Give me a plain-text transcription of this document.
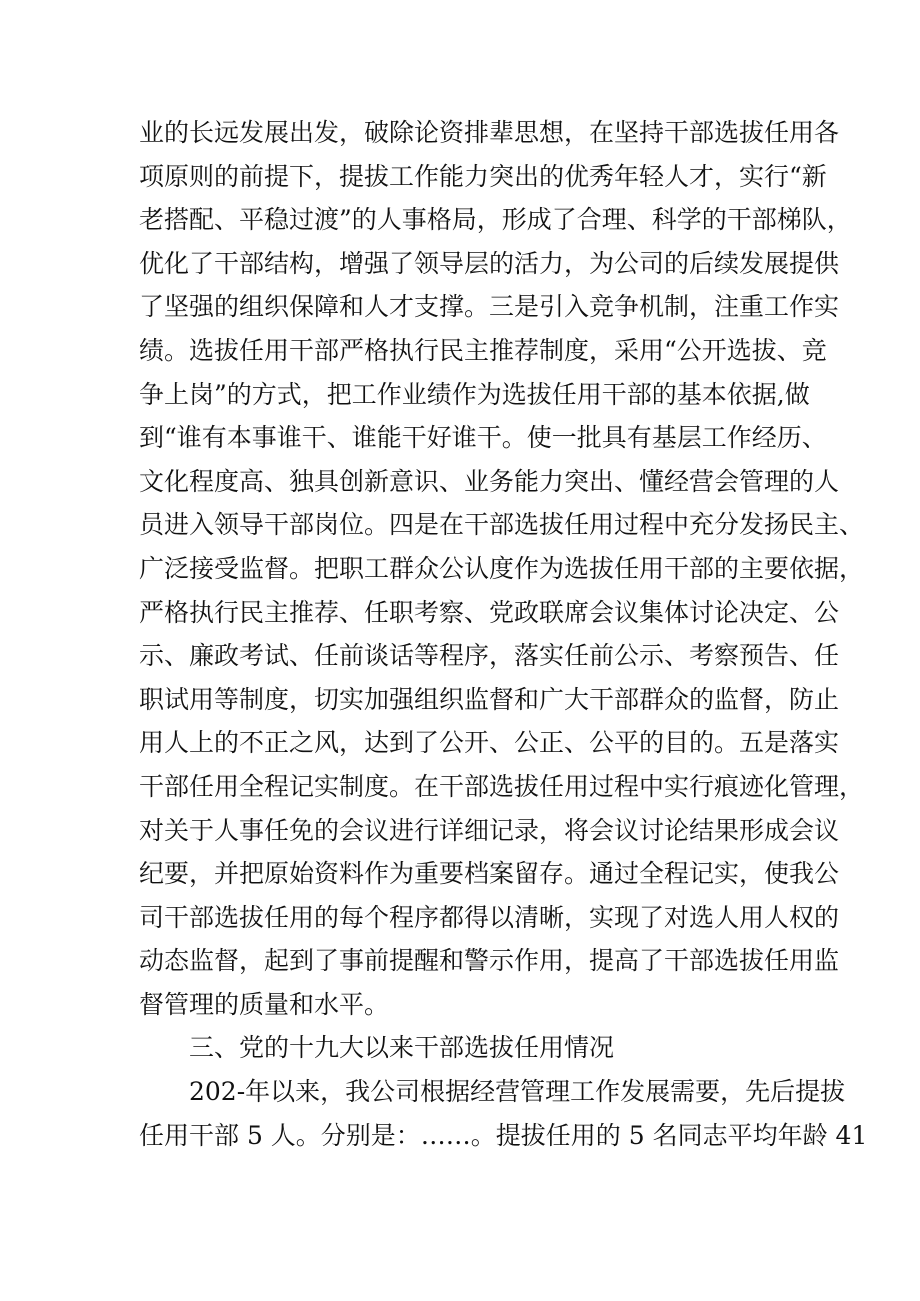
业的长远发展出发，破除论资排辈思想，在坚持干部选拔任用各
项原则的前提下，提拔工作能力突出的优秀年轻人才，实行“新
老搭配、平稳过渡”的人事格局，形成了合理、科学的干部梯队，
优化了干部结构，增强了领导层的活力，为公司的后续发展提供
了坚强的组织保障和人才支撑。三是引入竞争机制，注重工作实
绩。选拔任用干部严格执行民主推荐制度，采用“公开选拔、竞
争上岗”的方式，把工作业绩作为选拔任用干部的基本依据,做
到“谁有本事谁干、谁能干好谁干。使一批具有基层工作经历、
文化程度高、独具创新意识、业务能力突出、懂经营会管理的人
员进入领导干部岗位。四是在干部选拔任用过程中充分发扬民主、
广泛接受监督。把职工群众公认度作为选拔任用干部的主要依据，
严格执行民主推荐、任职考察、党政联席会议集体讨论决定、公
示、廉政考试、任前谈话等程序，落实任前公示、考察预告、任
职试用等制度，切实加强组织监督和广大干部群众的监督，防止
用人上的不正之风，达到了公开、公正、公平的目的。五是落实
干部任用全程记实制度。在干部选拔任用过程中实行痕迹化管理，
对关于人事任免的会议进行详细记录，将会议讨论结果形成会议
纪要，并把原始资料作为重要档案留存。通过全程记实，使我公
司干部选拔任用的每个程序都得以清晰，实现了对选人用人权的
动态监督，起到了事前提醒和警示作用，提高了干部选拔任用监
督管理的质量和水平。
三、党的十九大以来干部选拔任用情况
202-年以来，我公司根据经营管理工作发展需要，先后提拔
任用干部 5 人。分别是：……。提拔任用的 5 名同志平均年龄 41
